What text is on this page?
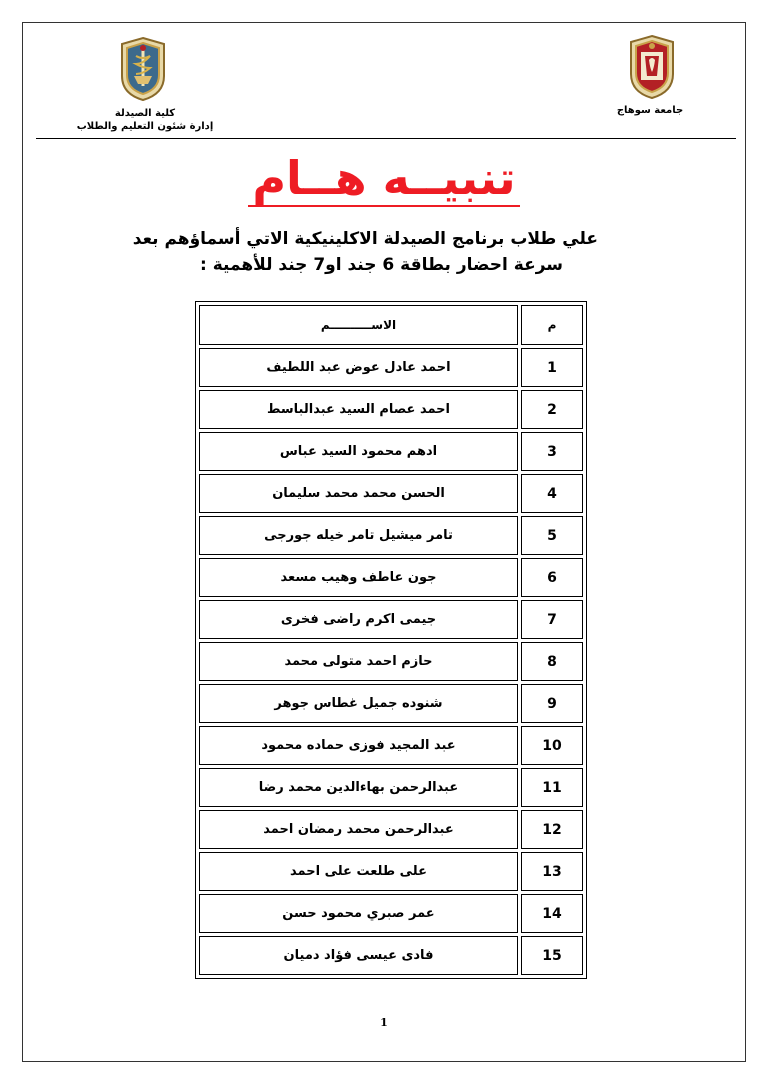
كلية الصيدلة
إدارة شئون التعليم والطلاب
جامعة سوهاج
تنبيــه هــام
علي طلاب برنامج الصيدلة الاكلينيكية الاتي أسماؤهم بعد
سرعة احضار بطاقة 6 جند او7 جند للأهمية :
م	الاســــــــــم
1	احمد عادل عوض عبد اللطيف
2	احمد عصام السيد عبدالباسط
3	ادهم محمود السيد عباس
4	الحسن محمد محمد سليمان
5	تامر ميشيل تامر خيله جورجى
6	جون عاطف وهيب مسعد
7	جيمى اكرم راضى فخرى
8	حازم احمد متولى محمد
9	شنوده جميل غطاس جوهر
10	عبد المجيد فوزى حماده محمود
11	عبدالرحمن بهاءالدين محمد رضا
12	عبدالرحمن محمد رمضان احمد
13	على طلعت على احمد
14	عمر صبري محمود حسن
15	فادى عيسى فؤاد دميان
1
